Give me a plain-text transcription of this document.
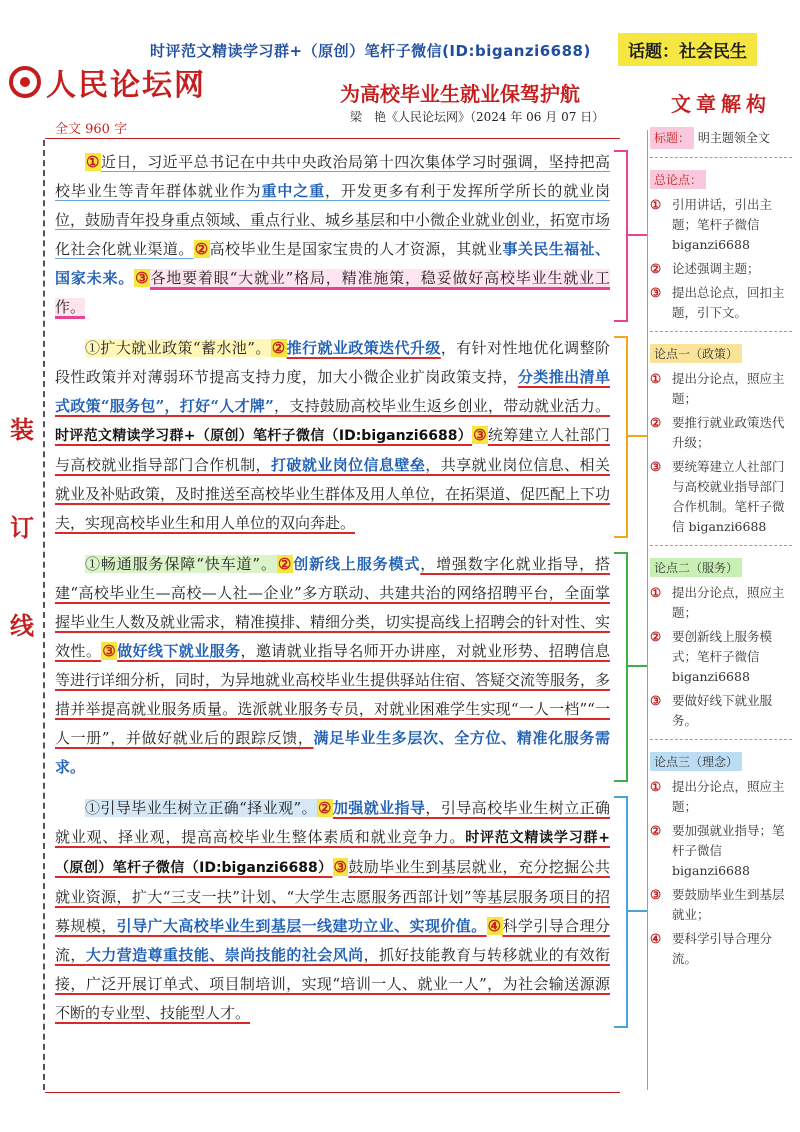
时评范文精读学习群+（原创）笔杆子微信(ID:biganzi6688)	话题：社会民生
人民论坛网	为高校毕业生就业保驾护航
梁　艳《人民论坛网》（2024 年 06 月 07 日）
全文 960 字
装
订
线

①近日，习近平总书记在中共中央政治局第十四次集体学习时强调，坚持把高校毕业生等青年群体就业作为重中之重，开发更多有利于发挥所学所长的就业岗位，鼓励青年投身重点领域、重点行业、城乡基层和中小微企业就业创业，拓宽市场化社会化就业渠道。②高校毕业生是国家宝贵的人才资源，其就业事关民生福祉、国家未来。③各地要着眼“大就业”格局，精准施策，稳妥做好高校毕业生就业工作。

①扩大就业政策“蓄水池”。②推行就业政策迭代升级，有针对性地优化调整阶段性政策并对薄弱环节提高支持力度，加大小微企业扩岗政策支持，分类推出清单式政策“服务包”，打好“人才牌”，支持鼓励高校毕业生返乡创业，带动就业活力。时评范文精读学习群+（原创）笔杆子微信（ID:biganzi6688）③统筹建立人社部门与高校就业指导部门合作机制，打破就业岗位信息壁垒，共享就业岗位信息、相关就业及补贴政策，及时推送至高校毕业生群体及用人单位，在拓渠道、促匹配上下功夫，实现高校毕业生和用人单位的双向奔赴。

①畅通服务保障“快车道”。②创新线上服务模式，增强数字化就业指导，搭建“高校毕业生—高校—人社—企业”多方联动、共建共治的网络招聘平台，全面掌握毕业生人数及就业需求，精准摸排、精细分类，切实提高线上招聘会的针对性、实效性。③做好线下就业服务，邀请就业指导名师开办讲座，对就业形势、招聘信息等进行详细分析，同时，为异地就业高校毕业生提供驿站住宿、答疑交流等服务，多措并举提高就业服务质量。选派就业服务专员，对就业困难学生实现“一人一档”“一人一册”，并做好就业后的跟踪反馈，满足毕业生多层次、全方位、精准化服务需求。

①引导毕业生树立正确“择业观”。②加强就业指导，引导高校毕业生树立正确就业观、择业观，提高高校毕业生整体素质和就业竞争力。时评范文精读学习群+（原创）笔杆子微信（ID:biganzi6688）③鼓励毕业生到基层就业，充分挖掘公共就业资源，扩大“三支一扶”计划、“大学生志愿服务西部计划”等基层服务项目的招募规模，引导广大高校毕业生到基层一线建功立业、实现价值。④科学引导合理分流，大力营造尊重技能、崇尚技能的社会风尚，抓好技能教育与转移就业的有效衔接，广泛开展订单式、项目制培训，实现“培训一人、就业一人”，为社会输送源源不断的专业型、技能型人才。

文章解构
标题： 明主题领全文
总论点：
① 引用讲话，引出主题；笔杆子微信 biganzi6688
② 论述强调主题；
③ 提出总论点，回扣主题，引下文。
论点一（政策）
① 提出分论点，照应主题；
② 要推行就业政策迭代升级；
③ 要统筹建立人社部门与高校就业指导部门合作机制。笔杆子微信 biganzi6688
论点二（服务）
① 提出分论点，照应主题；
② 要创新线上服务模式；笔杆子微信 biganzi6688
③ 要做好线下就业服务。
论点三（理念）
① 提出分论点，照应主题；
② 要加强就业指导；笔杆子微信 biganzi6688
③ 要鼓励毕业生到基层就业；
④ 要科学引导合理分流。
